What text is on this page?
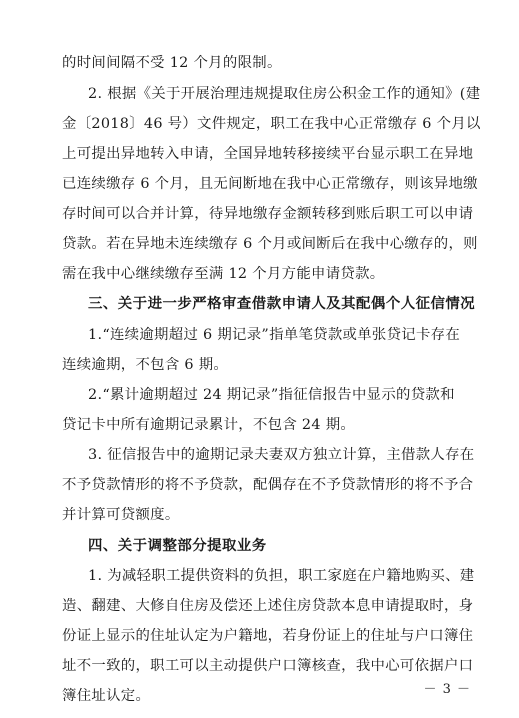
的时间间隔不受 12 个月的限制。
2. 根据《关于开展治理违规提取住房公积金工作的通知》(建
金〔2018〕46 号）文件规定，职工在我中心正常缴存 6 个月以
上可提出异地转入申请，全国异地转移接续平台显示职工在异地
已连续缴存 6 个月，且无间断地在我中心正常缴存，则该异地缴
存时间可以合并计算，待异地缴存金额转移到账后职工可以申请
贷款。若在异地未连续缴存 6 个月或间断后在我中心缴存的，则
需在我中心继续缴存至满 12 个月方能申请贷款。
三、关于进一步严格审查借款申请人及其配偶个人征信情况
1.“连续逾期超过 6 期记录”指单笔贷款或单张贷记卡存在
连续逾期，不包含 6 期。
2.“累计逾期超过 24 期记录”指征信报告中显示的贷款和
贷记卡中所有逾期记录累计，不包含 24 期。
3. 征信报告中的逾期记录夫妻双方独立计算，主借款人存在
不予贷款情形的将不予贷款，配偶存在不予贷款情形的将不予合
并计算可贷额度。
四、关于调整部分提取业务
1. 为减轻职工提供资料的负担，职工家庭在户籍地购买、建
造、翻建、大修自住房及偿还上述住房贷款本息申请提取时，身
份证上显示的住址认定为户籍地，若身份证上的住址与户口簿住
址不一致的，职工可以主动提供户口簿核查，我中心可依据户口
簿住址认定。	－ 3 －
